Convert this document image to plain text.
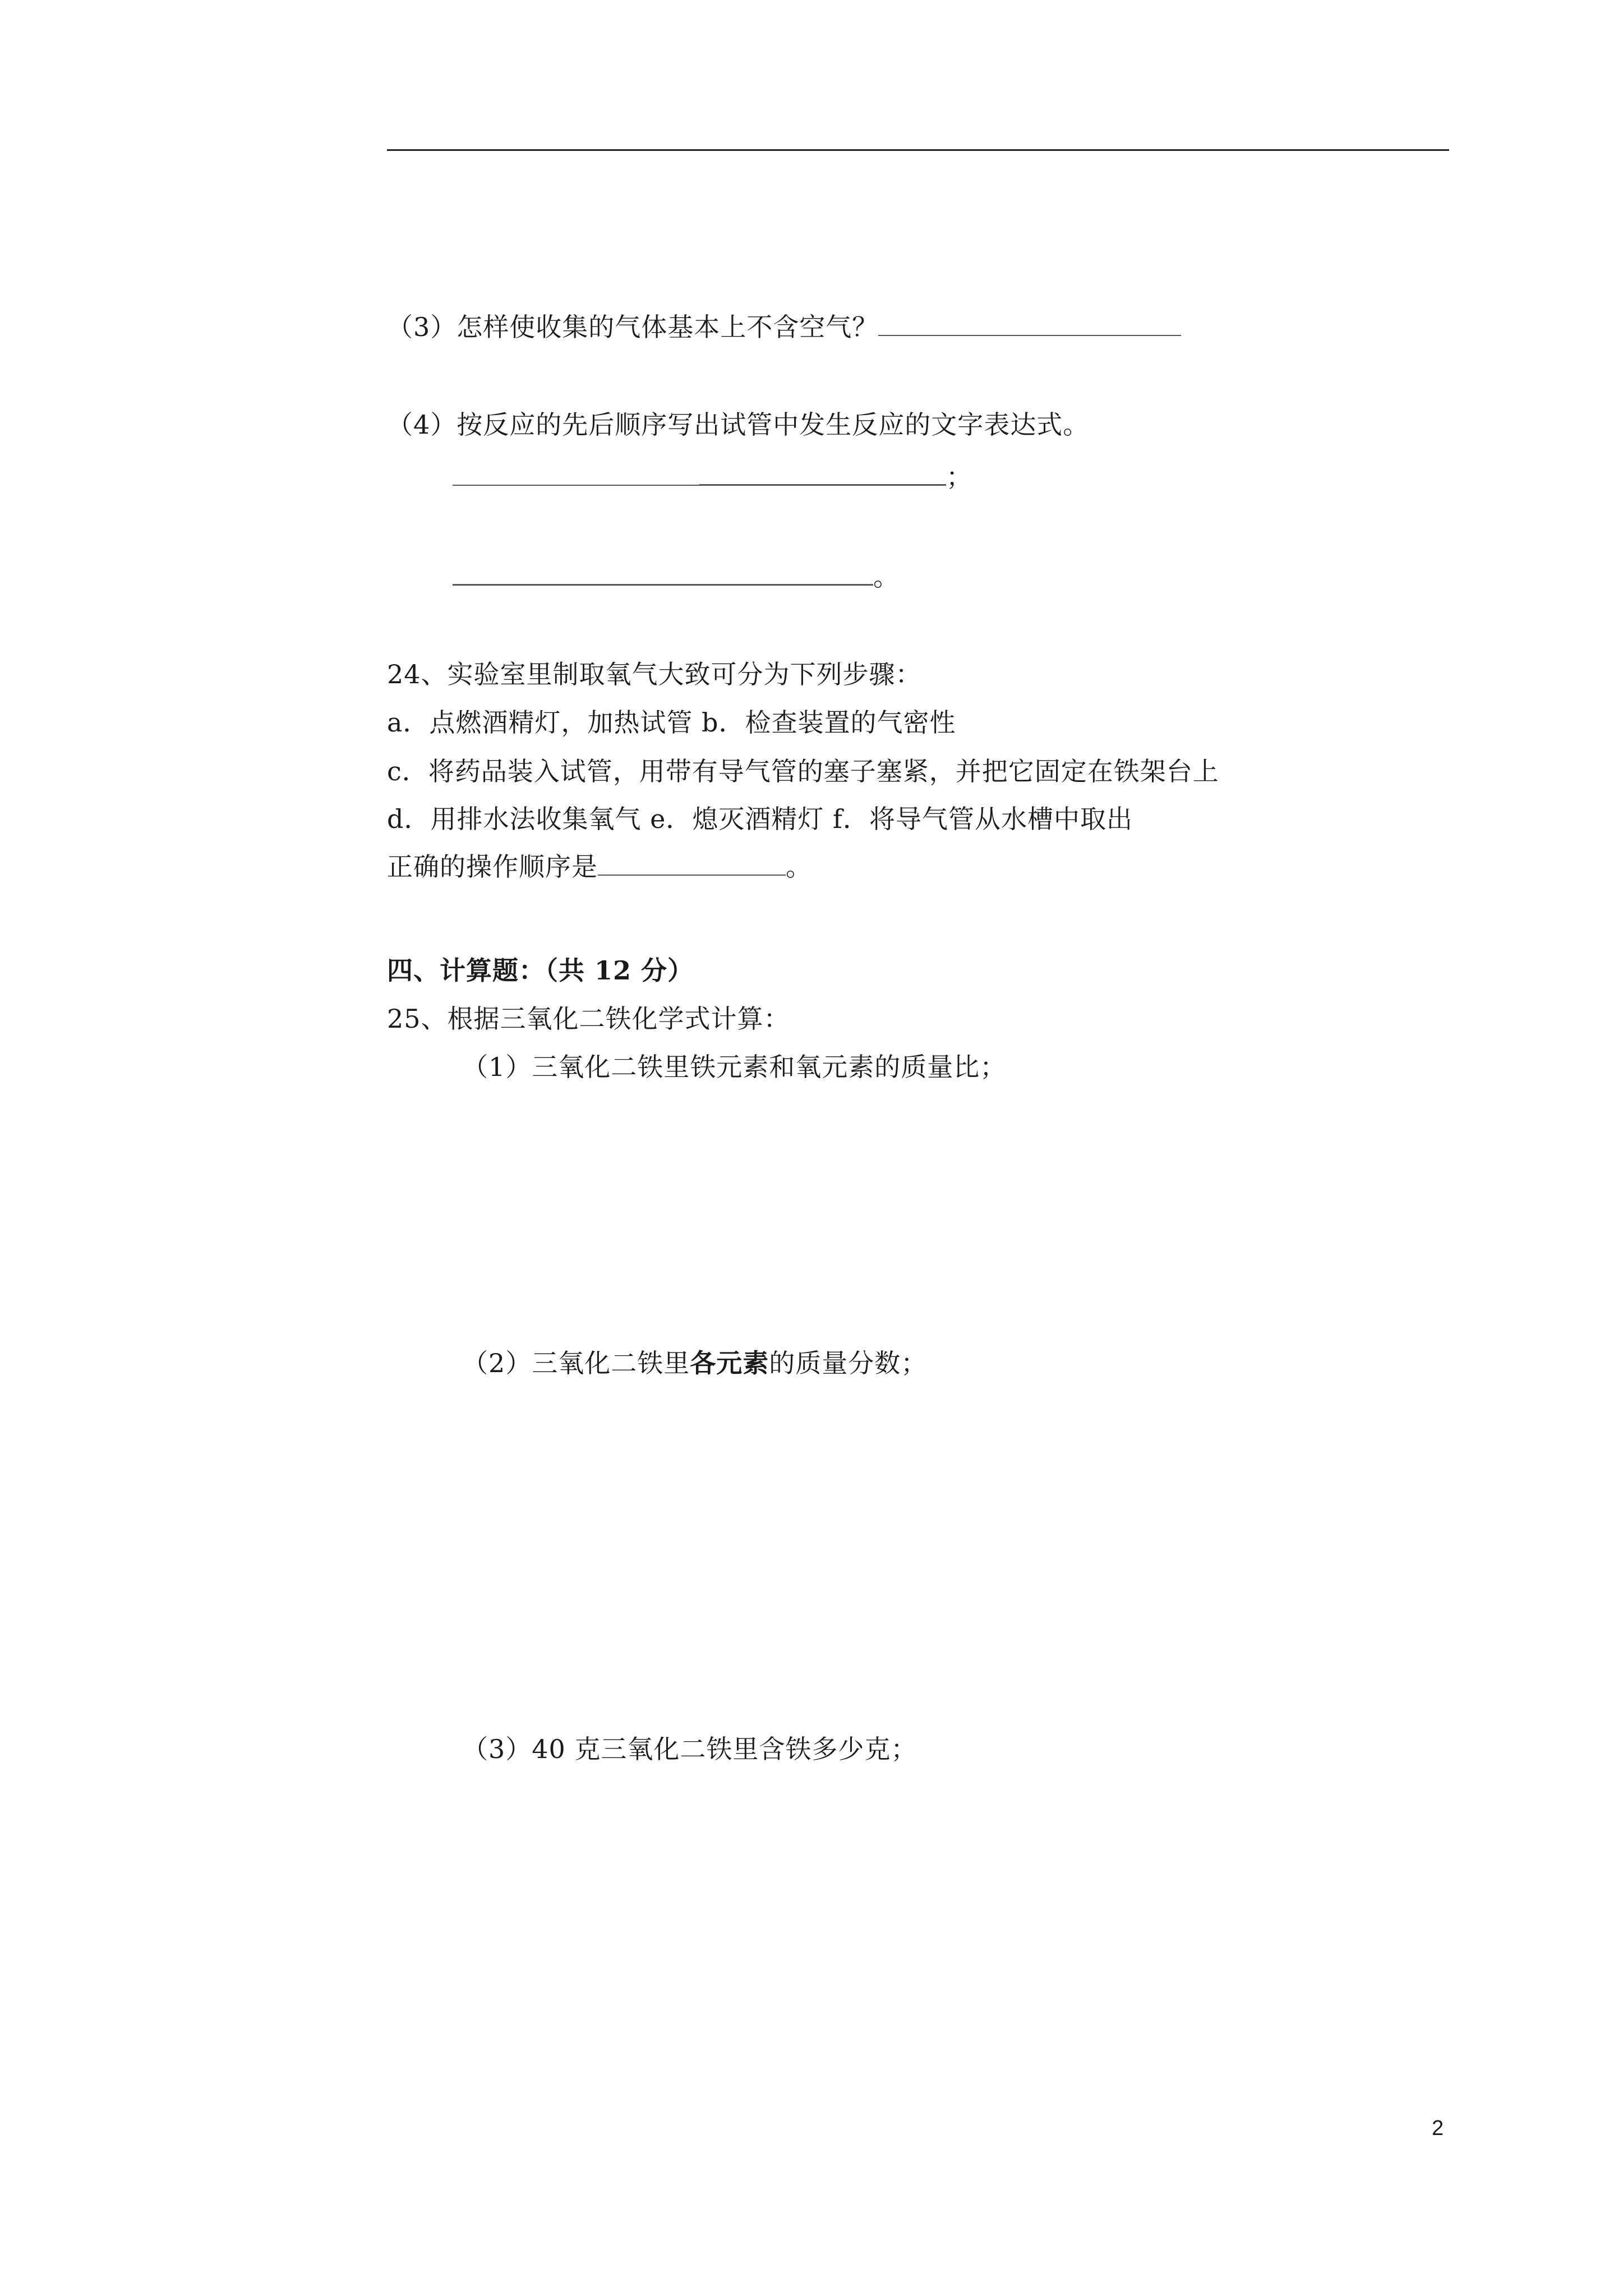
（3）怎样使收集的气体基本上不含空气？
（4）按反应的先后顺序写出试管中发生反应的文字表达式。
；
。
24、实验室里制取氧气大致可分为下列步骤：
a．点燃酒精灯，加热试管 b．检查装置的气密性
c．将药品装入试管，用带有导气管的塞子塞紧，并把它固定在铁架台上
d．用排水法收集氧气 e．熄灭酒精灯 f．将导气管从水槽中取出
正确的操作顺序是	。
四、计算题：（共 12 分）
25、根据三氧化二铁化学式计算：
（1）三氧化二铁里铁元素和氧元素的质量比；
（2）三氧化二铁里各元素的质量分数；
（3）40 克三氧化二铁里含铁多少克；
2
